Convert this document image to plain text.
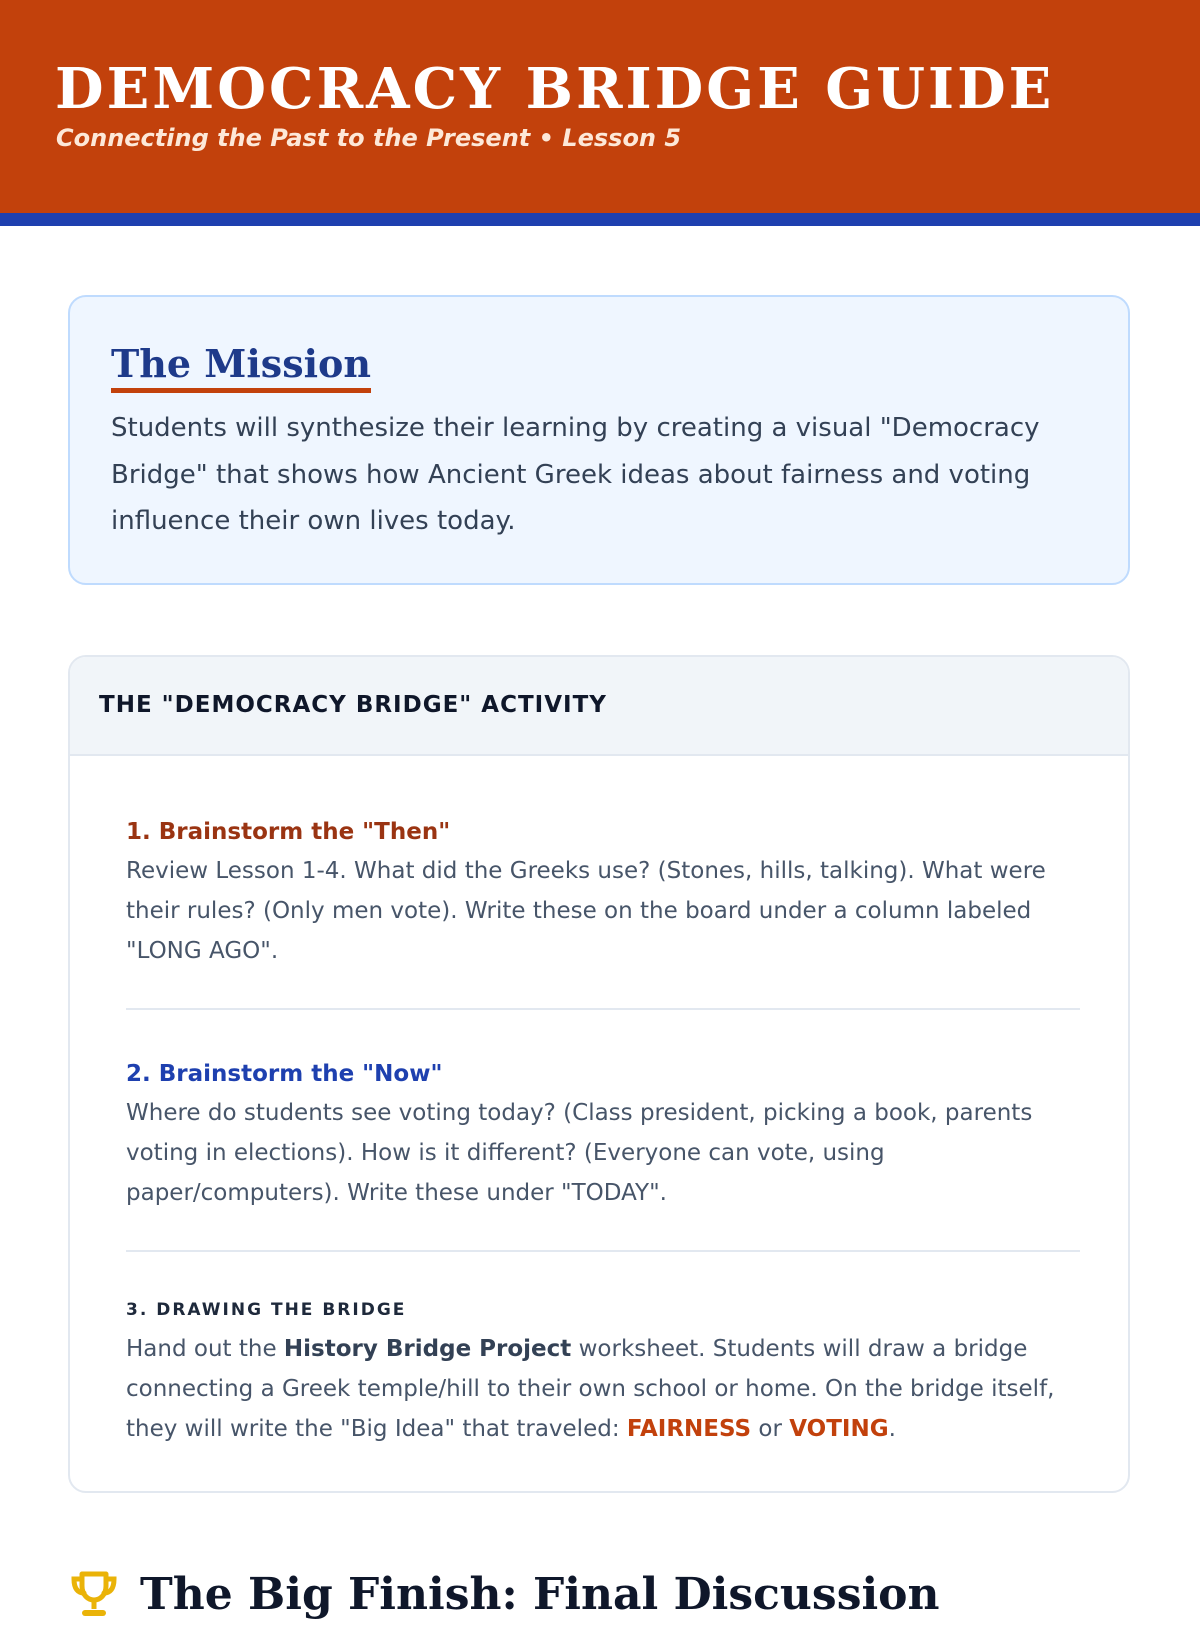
DEMOCRACY BRIDGE GUIDE
Connecting the Past to the Present • Lesson 5
The Mission

Students will synthesize their learning by creating a visual "Democracy Bridge" that shows how Ancient Greek ideas about fairness and voting influence their own lives today.

THE "DEMOCRACY BRIDGE" ACTIVITY
1. Brainstorm the "Then"

Review Lesson 1-4. What did the Greeks use? (Stones, hills, talking). What were their rules? (Only men vote). Write these on the board under a column labeled "LONG AGO".

2. Brainstorm the "Now"

Where do students see voting today? (Class president, picking a book, parents voting in elections). How is it different? (Everyone can vote, using paper/computers). Write these under "TODAY".

3. DRAWING THE BRIDGE

Hand out the History Bridge Project worksheet. Students will draw a bridge connecting a Greek temple/hill to their own school or home. On the bridge itself, they will write the "Big Idea" that traveled: FAIRNESS or VOTING.

The Big Finish: Final Discussion
